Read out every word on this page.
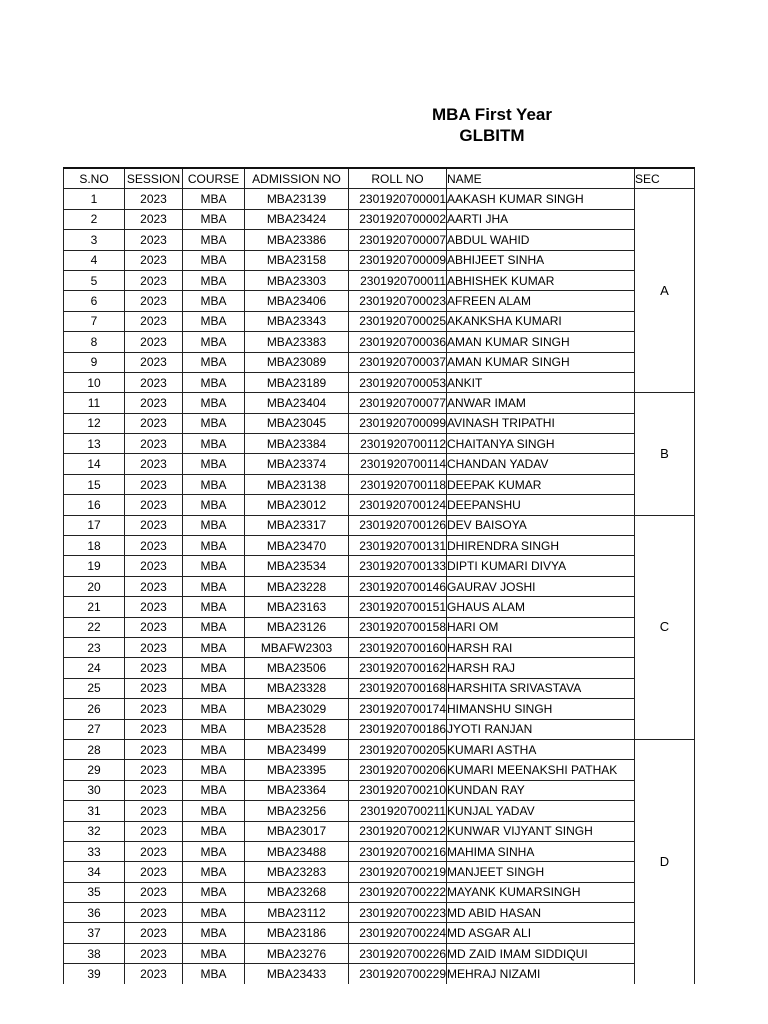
MBA First Year
GLBITM
S.NO	SESSION	COURSE	ADMISSION NO	ROLL NO	NAME	SEC
1	2023	MBA	MBA23139	2301920700001	AAKASH KUMAR SINGH	A
2	2023	MBA	MBA23424	2301920700002	AARTI JHA	
3	2023	MBA	MBA23386	2301920700007	ABDUL WAHID	
4	2023	MBA	MBA23158	2301920700009	ABHIJEET SINHA	
5	2023	MBA	MBA23303	2301920700011	ABHISHEK KUMAR	
6	2023	MBA	MBA23406	2301920700023	AFREEN ALAM	
7	2023	MBA	MBA23343	2301920700025	AKANKSHA KUMARI	
8	2023	MBA	MBA23383	2301920700036	AMAN KUMAR SINGH	
9	2023	MBA	MBA23089	2301920700037	AMAN KUMAR SINGH	
10	2023	MBA	MBA23189	2301920700053	ANKIT	
11	2023	MBA	MBA23404	2301920700077	ANWAR IMAM	B
12	2023	MBA	MBA23045	2301920700099	AVINASH TRIPATHI	
13	2023	MBA	MBA23384	2301920700112	CHAITANYA SINGH	
14	2023	MBA	MBA23374	2301920700114	CHANDAN YADAV	
15	2023	MBA	MBA23138	2301920700118	DEEPAK KUMAR	
16	2023	MBA	MBA23012	2301920700124	DEEPANSHU	
17	2023	MBA	MBA23317	2301920700126	DEV BAISOYA	C
18	2023	MBA	MBA23470	2301920700131	DHIRENDRA SINGH	
19	2023	MBA	MBA23534	2301920700133	DIPTI KUMARI DIVYA	
20	2023	MBA	MBA23228	2301920700146	GAURAV JOSHI	
21	2023	MBA	MBA23163	2301920700151	GHAUS ALAM	
22	2023	MBA	MBA23126	2301920700158	HARI OM	
23	2023	MBA	MBAFW2303	2301920700160	HARSH RAI	
24	2023	MBA	MBA23506	2301920700162	HARSH RAJ	
25	2023	MBA	MBA23328	2301920700168	HARSHITA SRIVASTAVA	
26	2023	MBA	MBA23029	2301920700174	HIMANSHU SINGH	
27	2023	MBA	MBA23528	2301920700186	JYOTI RANJAN	
28	2023	MBA	MBA23499	2301920700205	KUMARI ASTHA	D
29	2023	MBA	MBA23395	2301920700206	KUMARI MEENAKSHI PATHAK	
30	2023	MBA	MBA23364	2301920700210	KUNDAN RAY	
31	2023	MBA	MBA23256	2301920700211	KUNJAL YADAV	
32	2023	MBA	MBA23017	2301920700212	KUNWAR VIJYANT SINGH	
33	2023	MBA	MBA23488	2301920700216	MAHIMA SINHA	
34	2023	MBA	MBA23283	2301920700219	MANJEET SINGH	
35	2023	MBA	MBA23268	2301920700222	MAYANK KUMARSINGH	
36	2023	MBA	MBA23112	2301920700223	MD ABID HASAN	
37	2023	MBA	MBA23186	2301920700224	MD ASGAR ALI	
38	2023	MBA	MBA23276	2301920700226	MD ZAID IMAM SIDDIQUI	
39	2023	MBA	MBA23433	2301920700229	MEHRAJ NIZAMI	
